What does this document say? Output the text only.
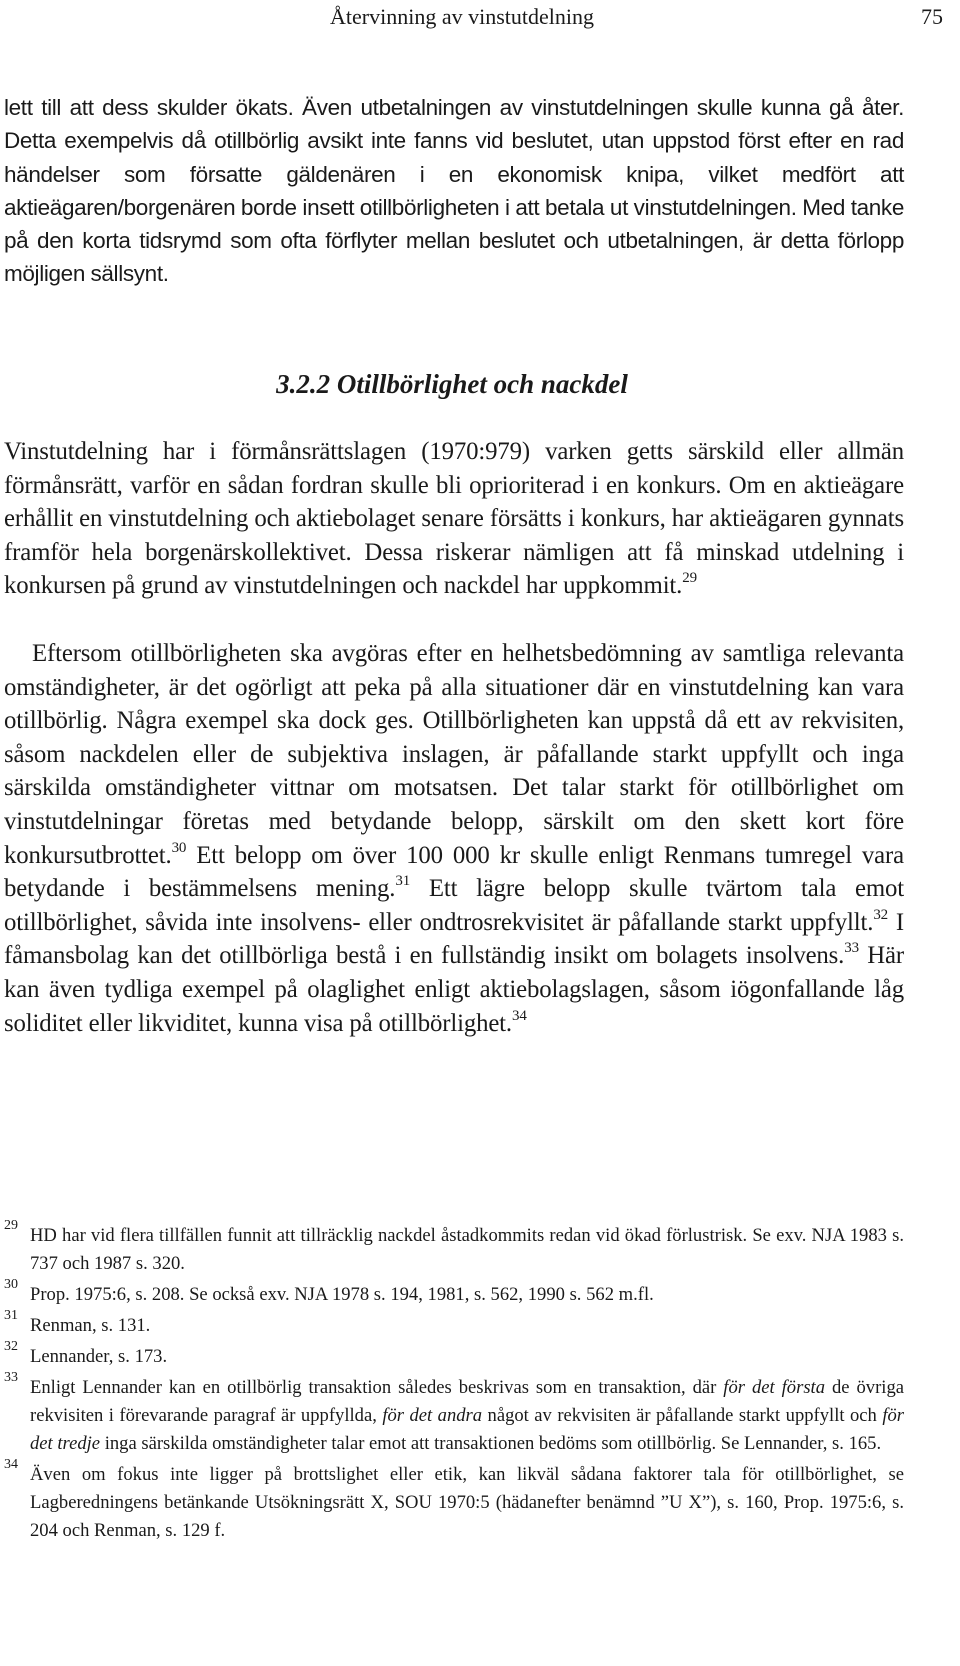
Återvinning av vinstutdelning	75

lett till att dess skulder ökats. Även utbetalningen av vinstutdelningen skulle kunna gå åter. Detta exempelvis då otillbörlig avsikt inte fanns vid beslutet, utan uppstod först efter en rad händelser som försatte gäldenären i en ekonomisk knipa, vilket medfört att aktieägaren/borgenären borde insett otillbörligheten i att betala ut vinstutdelningen. Med tanke på den korta tidsrymd som ofta förflyter mellan beslutet och utbetalningen, är detta förlopp möjligen sällsynt.

3.2.2 Otillbörlighet och nackdel

Vinstutdelning har i förmånsrättslagen (1970:979) varken getts särskild eller allmän förmånsrätt, varför en sådan fordran skulle bli oprioriterad i en konkurs. Om en aktieägare erhållit en vinstutdelning och aktiebolaget senare försätts i konkurs, har aktieägaren gynnats framför hela borgenärskollektivet. Dessa riskerar nämligen att få minskad utdelning i konkursen på grund av vinstutdelningen och nackdel har uppkommit.$^{29}$

Eftersom otillbörligheten ska avgöras efter en helhetsbedömning av samtliga relevanta omständigheter, är det ogörligt att peka på alla situationer där en vinstutdelning kan vara otillbörlig. Några exempel ska dock ges. Otillbörligheten kan uppstå då ett av rekvisiten, såsom nackdelen eller de subjektiva inslagen, är påfallande starkt uppfyllt och inga särskilda omständigheter vittnar om motsatsen. Det talar starkt för otillbörlighet om vinstutdelningar företas med betydande belopp, särskilt om den skett kort före konkursutbrottet.$^{30}$ Ett belopp om över 100 000 kr skulle enligt Renmans tumregel vara betydande i bestämmelsens mening.$^{31}$ Ett lägre belopp skulle tvärtom tala emot otillbörlighet, såvida inte insolvens- eller ondtrosrekvisitet är påfallande starkt uppfyllt.$^{32}$ I fåmansbolag kan det otillbörliga bestå i en fullständig insikt om bolagets insolvens.$^{33}$ Här kan även tydliga exempel på olaglighet enligt aktiebolagslagen, såsom iögonfallande låg soliditet eller likviditet, kunna visa på otillbörlighet.$^{34}$

29 HD har vid flera tillfällen funnit att tillräcklig nackdel åstadkommits redan vid ökad förlustrisk. Se exv. NJA 1983 s. 737 och 1987 s. 320.
30 Prop. 1975:6, s. 208. Se också exv. NJA 1978 s. 194, 1981, s. 562, 1990 s. 562 m.fl.
31 Renman, s. 131.
32 Lennander, s. 173.
33 Enligt Lennander kan en otillbörlig transaktion således beskrivas som en transaktion, där för det första de övriga rekvisiten i förevarande paragraf är uppfyllda, för det andra något av rekvisiten är påfallande starkt uppfyllt och för det tredje inga särskilda omständigheter talar emot att transaktionen bedöms som otillbörlig. Se Lennander, s. 165.
34 Även om fokus inte ligger på brottslighet eller etik, kan likväl sådana faktorer tala för otillbörlighet, se Lagberedningens betänkande Utsökningsrätt X, SOU 1970:5 (hädanefter benämnd ”U X”), s. 160, Prop. 1975:6, s. 204 och Renman, s. 129 f.
